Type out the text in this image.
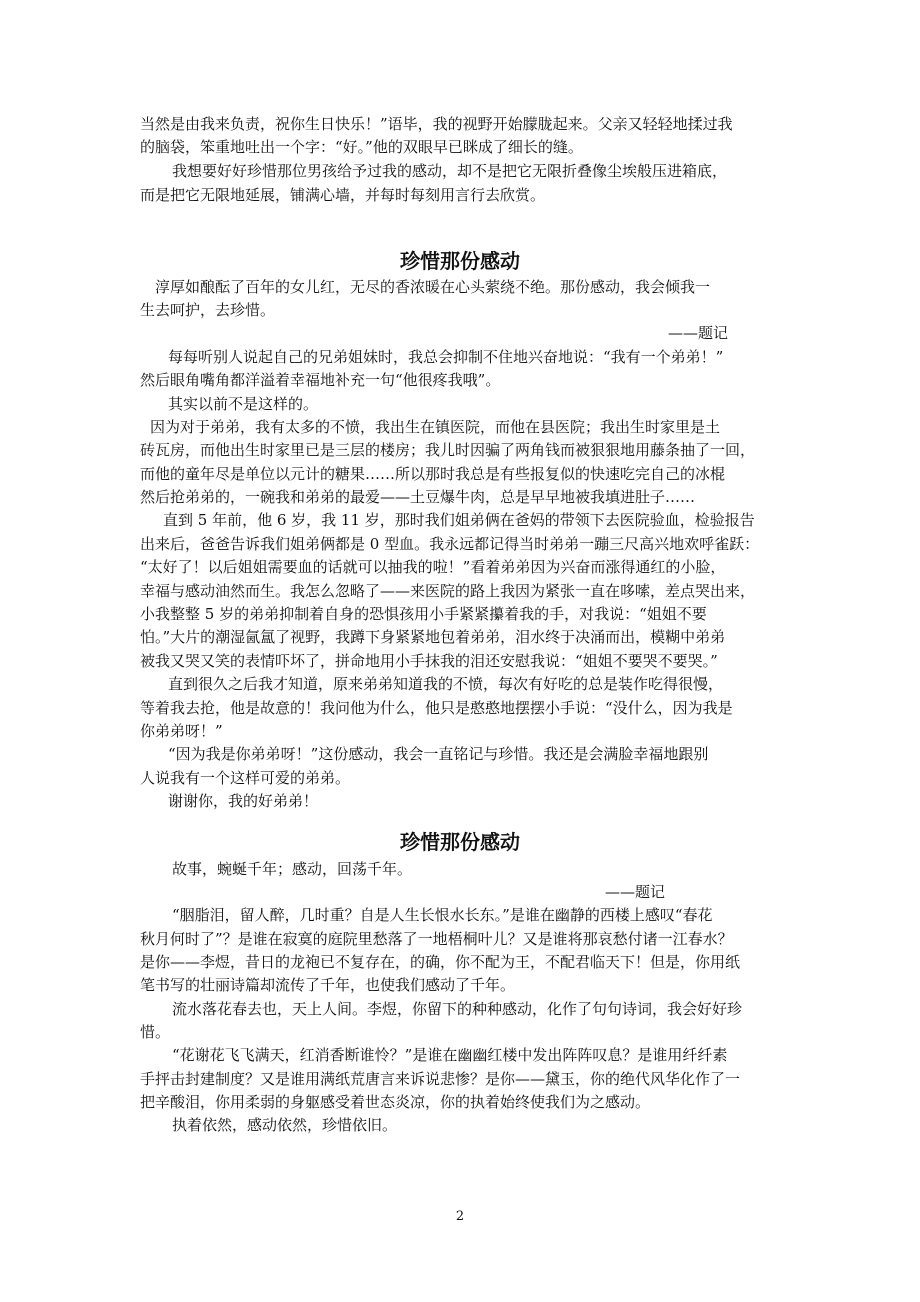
当然是由我来负责，祝你生日快乐！”语毕，我的视野开始朦胧起来。父亲又轻轻地揉过我
的脑袋，笨重地吐出一个字：“好。”他的双眼早已眯成了细长的缝。
我想要好好珍惜那位男孩给予过我的感动，却不是把它无限折叠像尘埃般压进箱底，
而是把它无限地延展，铺满心墙，并每时每刻用言行去欣赏。
珍惜那份感动
淳厚如酿酝了百年的女儿红，无尽的香浓暖在心头萦绕不绝。那份感动，我会倾我一
生去呵护，去珍惜。
——题记
每每听别人说起自己的兄弟姐妹时，我总会抑制不住地兴奋地说：“我有一个弟弟！”
然后眼角嘴角都洋溢着幸福地补充一句“他很疼我哦”。
其实以前不是这样的。
因为对于弟弟，我有太多的不愤，我出生在镇医院，而他在县医院；我出生时家里是土
砖瓦房，而他出生时家里已是三层的楼房；我儿时因骗了两角钱而被狠狠地用藤条抽了一回，
而他的童年尽是单位以元计的糖果……所以那时我总是有些报复似的快速吃完自己的冰棍
然后抢弟弟的，一碗我和弟弟的最爱——土豆爆牛肉，总是早早地被我填进肚子……
直到 5 年前，他 6 岁，我 11 岁，那时我们姐弟俩在爸妈的带领下去医院验血，检验报告
出来后，爸爸告诉我们姐弟俩都是 0 型血。我永远都记得当时弟弟一蹦三尺高兴地欢呼雀跃：
“太好了！以后姐姐需要血的话就可以抽我的啦！”看着弟弟因为兴奋而涨得通红的小脸，
幸福与感动油然而生。我怎么忽略了——来医院的路上我因为紧张一直在哆嗦，差点哭出来，
小我整整 5 岁的弟弟抑制着自身的恐惧孩用小手紧紧攥着我的手，对我说：“姐姐不要
怕。”大片的潮湿氤氲了视野，我蹲下身紧紧地包着弟弟，泪水终于决涌而出，模糊中弟弟
被我又哭又笑的表情吓坏了，拼命地用小手抹我的泪还安慰我说：“姐姐不要哭不要哭。”
直到很久之后我才知道，原来弟弟知道我的不愤，每次有好吃的总是装作吃得很慢，
等着我去抢，他是故意的！我问他为什么，他只是憨憨地摆摆小手说：“没什么，因为我是
你弟弟呀！”
“因为我是你弟弟呀！”这份感动，我会一直铭记与珍惜。我还是会满脸幸福地跟别
人说我有一个这样可爱的弟弟。
谢谢你，我的好弟弟！
珍惜那份感动
故事，蜿蜒千年；感动，回荡千年。
——题记
“胭脂泪，留人醉，几时重？自是人生长恨水长东。”是谁在幽静的西楼上感叹“春花
秋月何时了”？是谁在寂寞的庭院里愁落了一地梧桐叶儿？又是谁将那哀愁付诸一江春水？
是你——李煜，昔日的龙袍已不复存在，的确，你不配为王，不配君临天下！但是，你用纸
笔书写的壮丽诗篇却流传了千年，也使我们感动了千年。
流水落花春去也，天上人间。李煜，你留下的种种感动，化作了句句诗词，我会好好珍
惜。
“花谢花飞飞满天，红消香断谁怜？”是谁在幽幽红楼中发出阵阵叹息？是谁用纤纤素
手抨击封建制度？又是谁用满纸荒唐言来诉说悲惨？是你——黛玉，你的绝代风华化作了一
把辛酸泪，你用柔弱的身躯感受着世态炎凉，你的执着始终使我们为之感动。
执着依然，感动依然，珍惜依旧。
2
